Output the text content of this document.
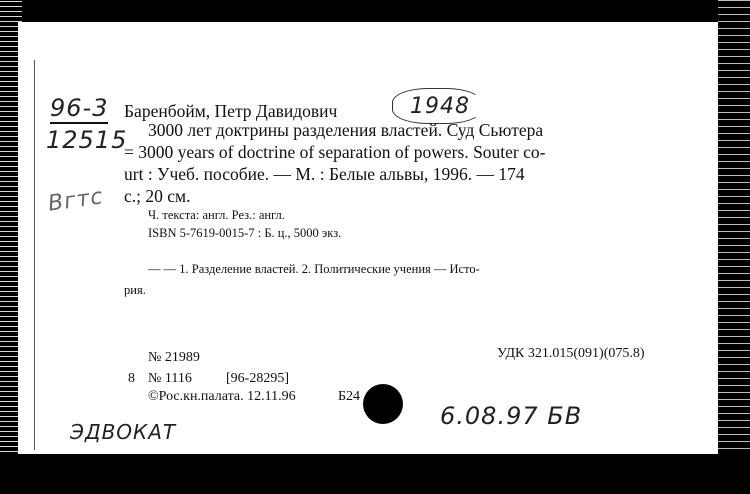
96-3
12515
Вгтс
Баренбойм, Петр Давидович	1948
3000 лет доктрины разделения властей. Суд Сьютера
= 3000 years of doctrine of separation of powers. Souter co-
urt : Учеб. пособие. — М. : Белые альвы, 1996. — 174
с.; 20 см.
Ч. текста: англ. Рез.: англ.
ISBN 5-7619-0015-7 : Б. ц., 5000 экз.
— — 1. Разделение властей. 2. Политические учения — Исто-
рия.
№ 21989	УДК 321.015(091)(075.8)
8 № 1116 [96-28295]
©Рос.кн.палата. 12.11.96	Б24
ЭДВОКАТ
6.08.97 БВ
